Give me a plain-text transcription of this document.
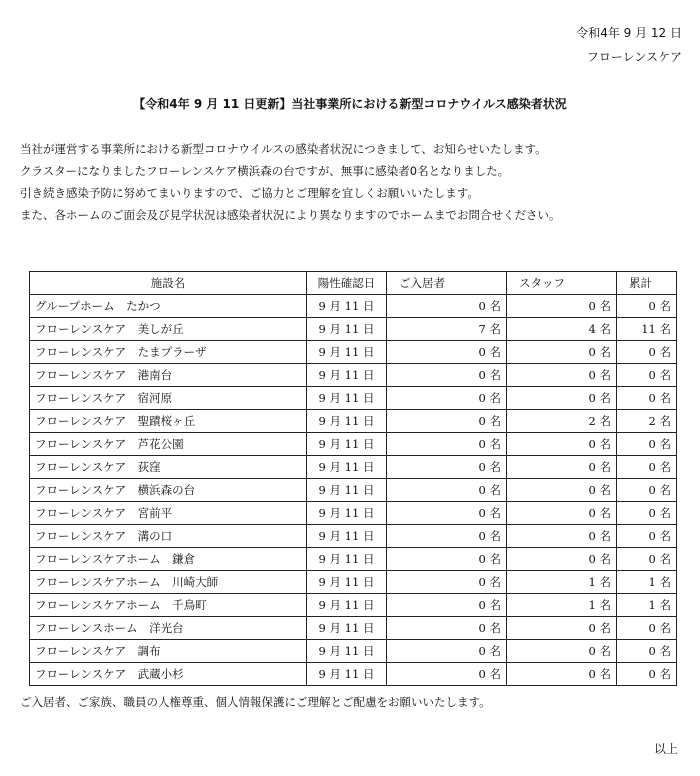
令和4年 9 月 12 日
フローレンスケア
【令和4年 9 月 11 日更新】当社事業所における新型コロナウイルス感染者状況

当社が運営する事業所における新型コロナウイルスの感染者状況につきまして、お知らせいたします。

クラスターになりましたフローレンスケア横浜森の台ですが、無事に感染者0名となりました。

引き続き感染予防に努めてまいりますので、ご協力とご理解を宜しくお願いいたします。

また、各ホームのご面会及び見学状況は感染者状況により異なりますのでホームまでお問合せください。

施設名	陽性確認日	ご入居者	スタッフ	累計
グループホーム　たかつ	9 月 11 日	0 名	0 名	0 名
フローレンスケア　美しが丘	9 月 11 日	7 名	4 名	11 名
フローレンスケア　たまプラーザ	9 月 11 日	0 名	0 名	0 名
フローレンスケア　港南台	9 月 11 日	0 名	0 名	0 名
フローレンスケア　宿河原	9 月 11 日	0 名	0 名	0 名
フローレンスケア　聖蹟桜ヶ丘	9 月 11 日	0 名	2 名	2 名
フローレンスケア　芦花公園	9 月 11 日	0 名	0 名	0 名
フローレンスケア　荻窪	9 月 11 日	0 名	0 名	0 名
フローレンスケア　横浜森の台	9 月 11 日	0 名	0 名	0 名
フローレンスケア　宮前平	9 月 11 日	0 名	0 名	0 名
フローレンスケア　溝の口	9 月 11 日	0 名	0 名	0 名
フローレンスケアホーム　鎌倉	9 月 11 日	0 名	0 名	0 名
フローレンスケアホーム　川崎大師	9 月 11 日	0 名	1 名	1 名
フローレンスケアホーム　千鳥町	9 月 11 日	0 名	1 名	1 名
フローレンスホーム　洋光台	9 月 11 日	0 名	0 名	0 名
フローレンスケア　調布	9 月 11 日	0 名	0 名	0 名
フローレンスケア　武蔵小杉	9 月 11 日	0 名	0 名	0 名
ご入居者、ご家族、職員の人権尊重、個人情報保護にご理解とご配慮をお願いいたします。
以上
